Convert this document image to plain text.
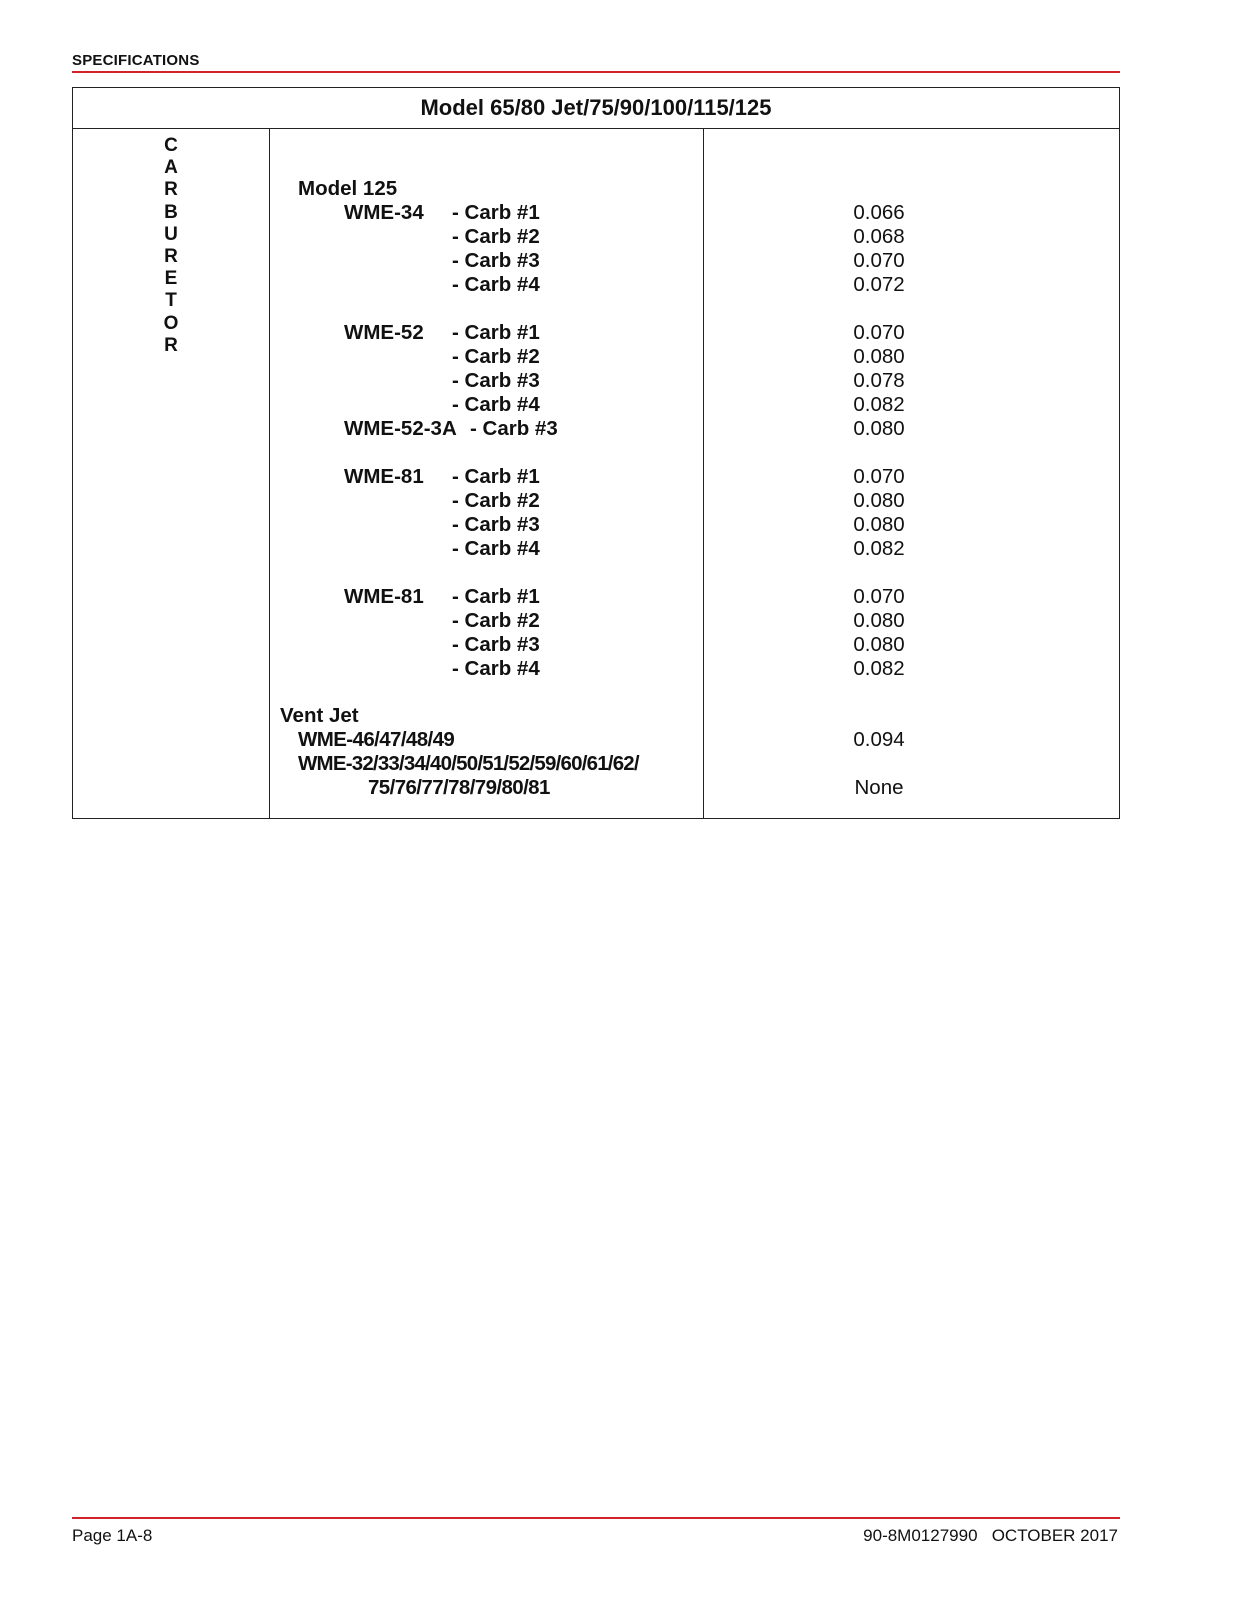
SPECIFICATIONS
Model 65/80 Jet/75/90/100/115/125
C
A
R
B
U
R
E
T
O
R
Model 125
WME-34 - Carb #1	0.066
- Carb #2	0.068
- Carb #3	0.070
- Carb #4	0.072
WME-52 - Carb #1	0.070
- Carb #2	0.080
- Carb #3	0.078
- Carb #4	0.082
WME-52-3A - Carb #3	0.080
WME-81 - Carb #1	0.070
- Carb #2	0.080
- Carb #3	0.080
- Carb #4	0.082
WME-81 - Carb #1	0.070
- Carb #2	0.080
- Carb #3	0.080
- Carb #4	0.082
Vent Jet
WME-46/47/48/49	0.094
WME-32/33/34/40/50/51/52/59/60/61/62/
75/76/77/78/79/80/81	None
Page 1A-8	90-8M0127990   OCTOBER 2017
